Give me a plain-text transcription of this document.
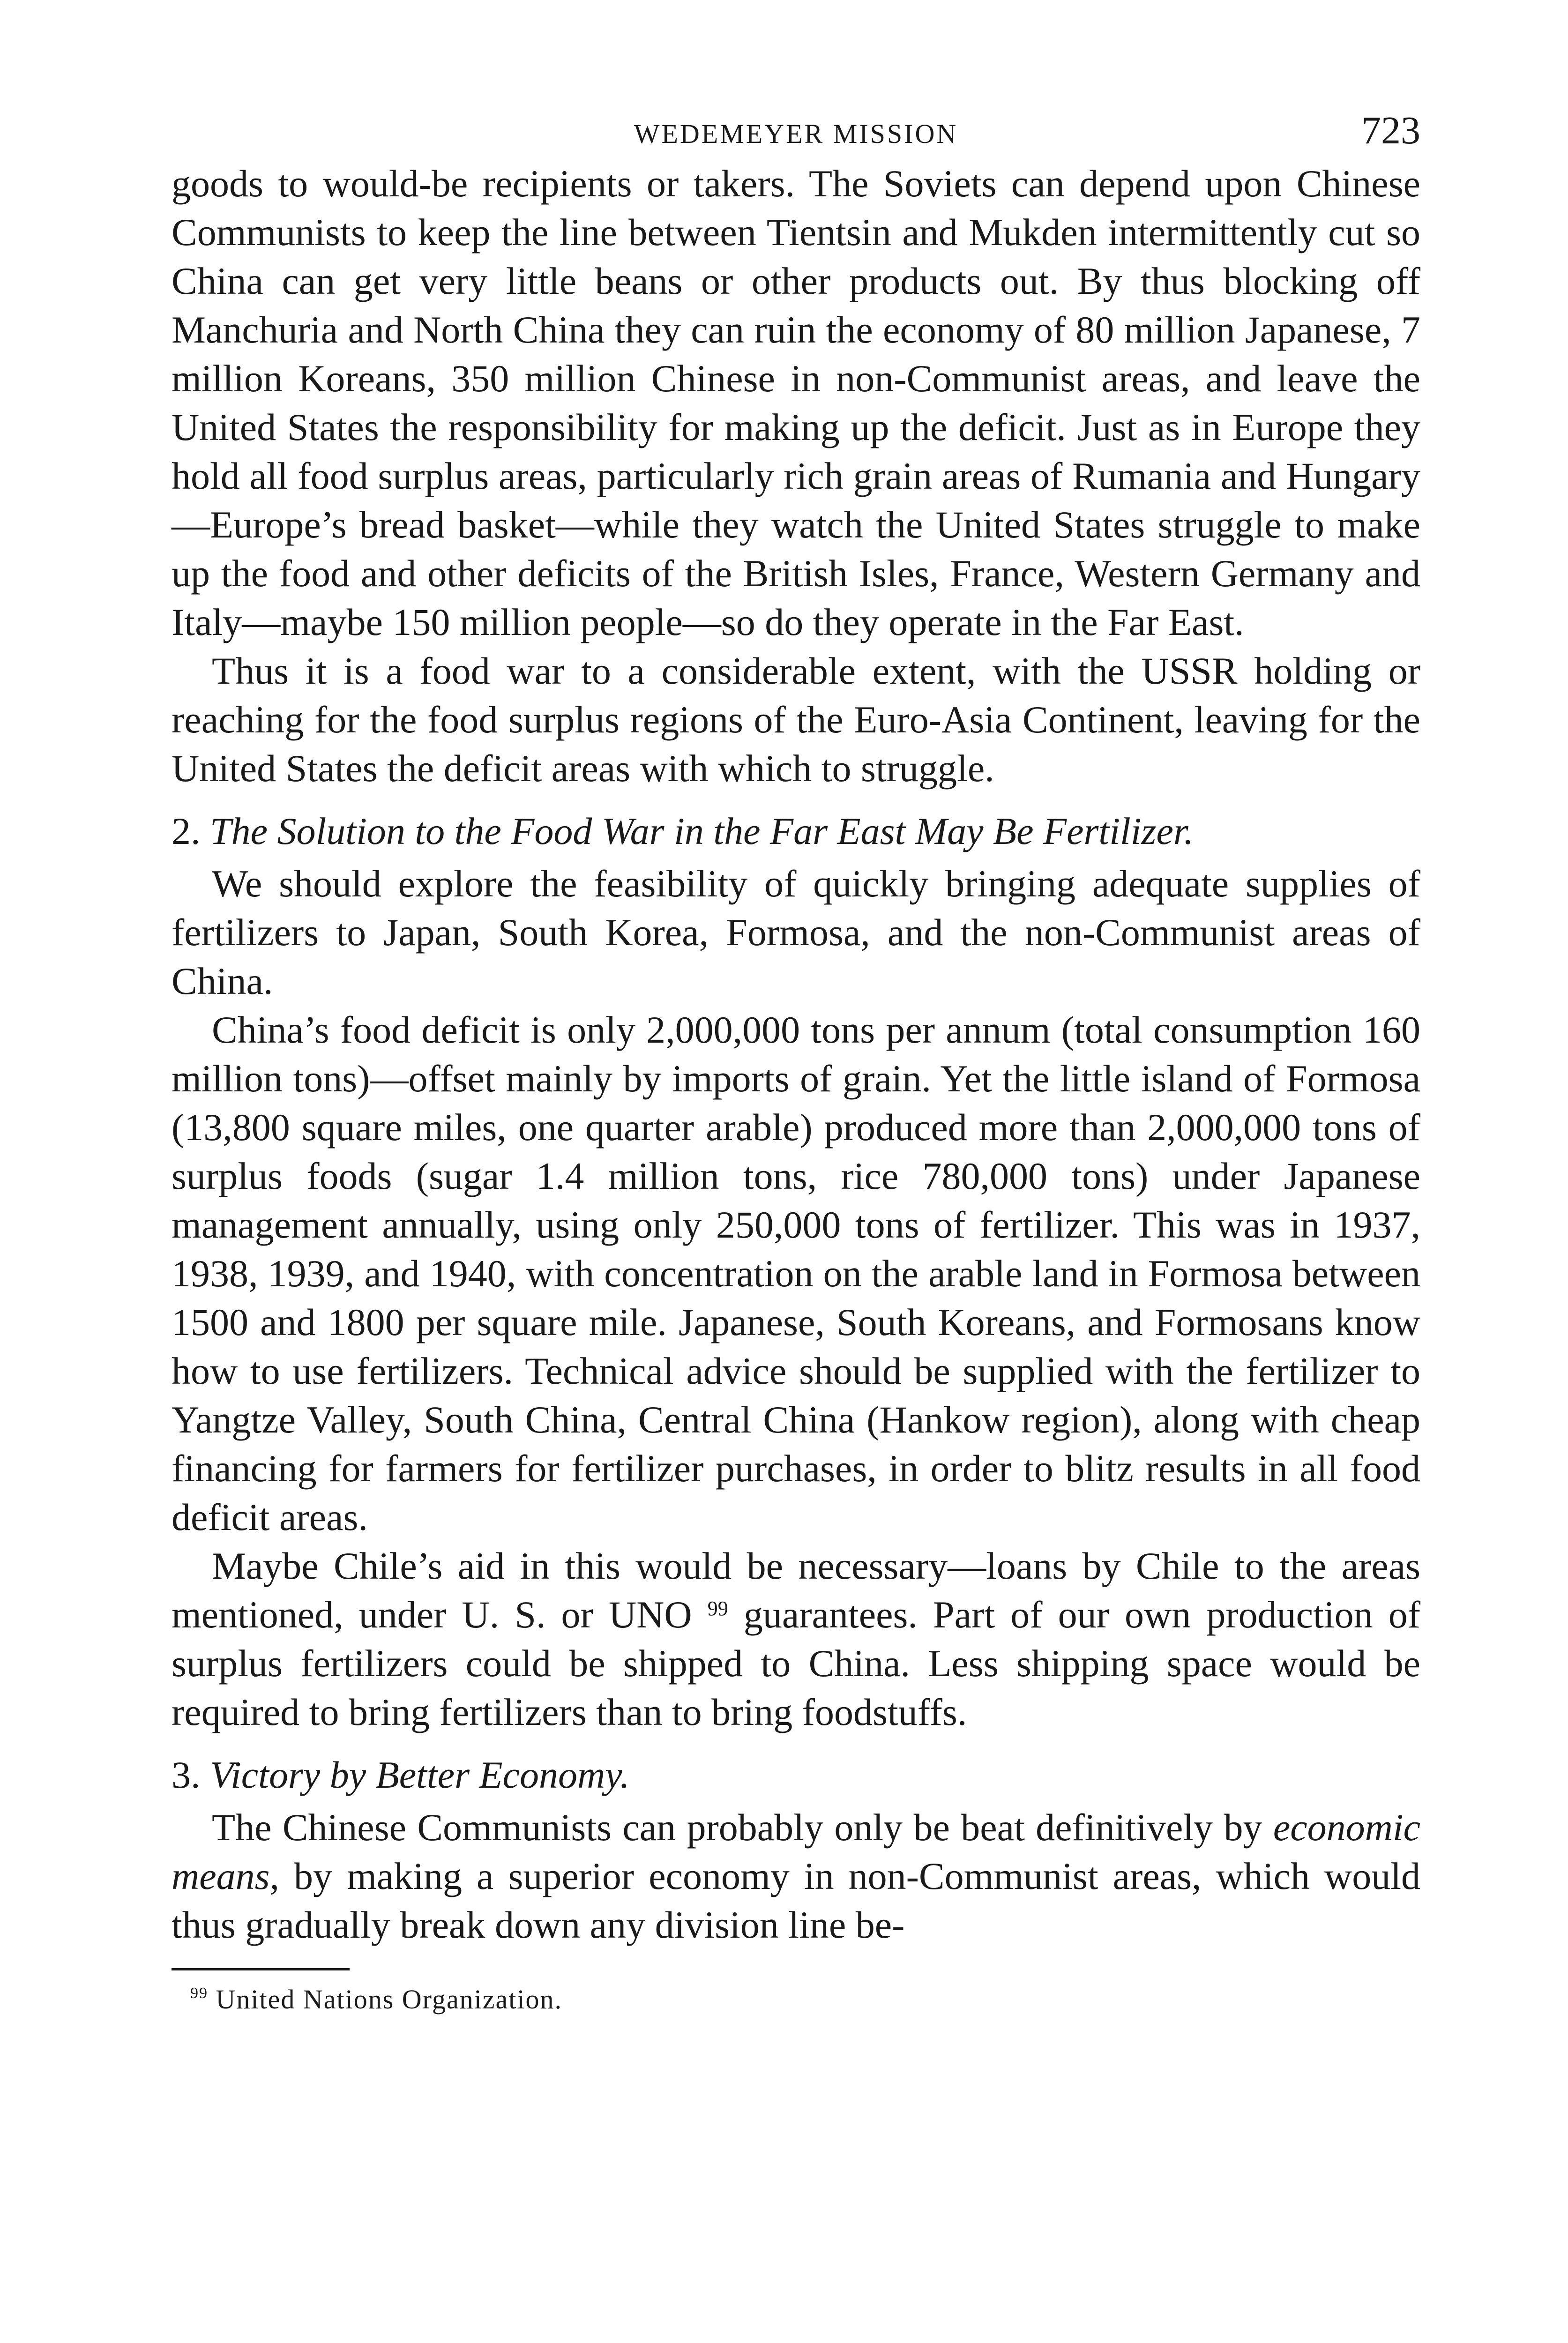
WEDEMEYER MISSION	723

goods to would-be recipients or takers. The Soviets can depend upon Chinese Communists to keep the line between Tientsin and Mukden intermittently cut so China can get very little beans or other products out. By thus blocking off Manchuria and North China they can ruin the economy of 80 million Japanese, 7 million Koreans, 350 million Chinese in non-Communist areas, and leave the United States the responsibility for making up the deficit. Just as in Europe they hold all food surplus areas, particularly rich grain areas of Rumania and Hungary—Europe’s bread basket—while they watch the United States struggle to make up the food and other deficits of the British Isles, France, Western Germany and Italy—maybe 150 million people—so do they operate in the Far East.

Thus it is a food war to a considerable extent, with the USSR holding or reaching for the food surplus regions of the Euro-Asia Continent, leaving for the United States the deficit areas with which to struggle.

2. The Solution to the Food War in the Far East May Be Fertilizer.

We should explore the feasibility of quickly bringing adequate supplies of fertilizers to Japan, South Korea, Formosa, and the non-Communist areas of China.

China’s food deficit is only 2,000,000 tons per annum (total consumption 160 million tons)—offset mainly by imports of grain. Yet the little island of Formosa (13,800 square miles, one quarter arable) produced more than 2,000,000 tons of surplus foods (sugar 1.4 million tons, rice 780,000 tons) under Japanese management annually, using only 250,000 tons of fertilizer. This was in 1937, 1938, 1939, and 1940, with concentration on the arable land in Formosa between 1500 and 1800 per square mile. Japanese, South Koreans, and Formosans know how to use fertilizers. Technical advice should be supplied with the fertilizer to Yangtze Valley, South China, Central China (Hankow region), along with cheap financing for farmers for fertilizer purchases, in order to blitz results in all food deficit areas.

Maybe Chile’s aid in this would be necessary—loans by Chile to the areas mentioned, under U. S. or UNO $^{99}$ guarantees. Part of our own production of surplus fertilizers could be shipped to China. Less shipping space would be required to bring fertilizers than to bring foodstuffs.

3. Victory by Better Economy.

The Chinese Communists can probably only be beat definitively by economic means, by making a superior economy in non-Communist areas, which would thus gradually break down any division line be-

$^{99}$ United Nations Organization.
